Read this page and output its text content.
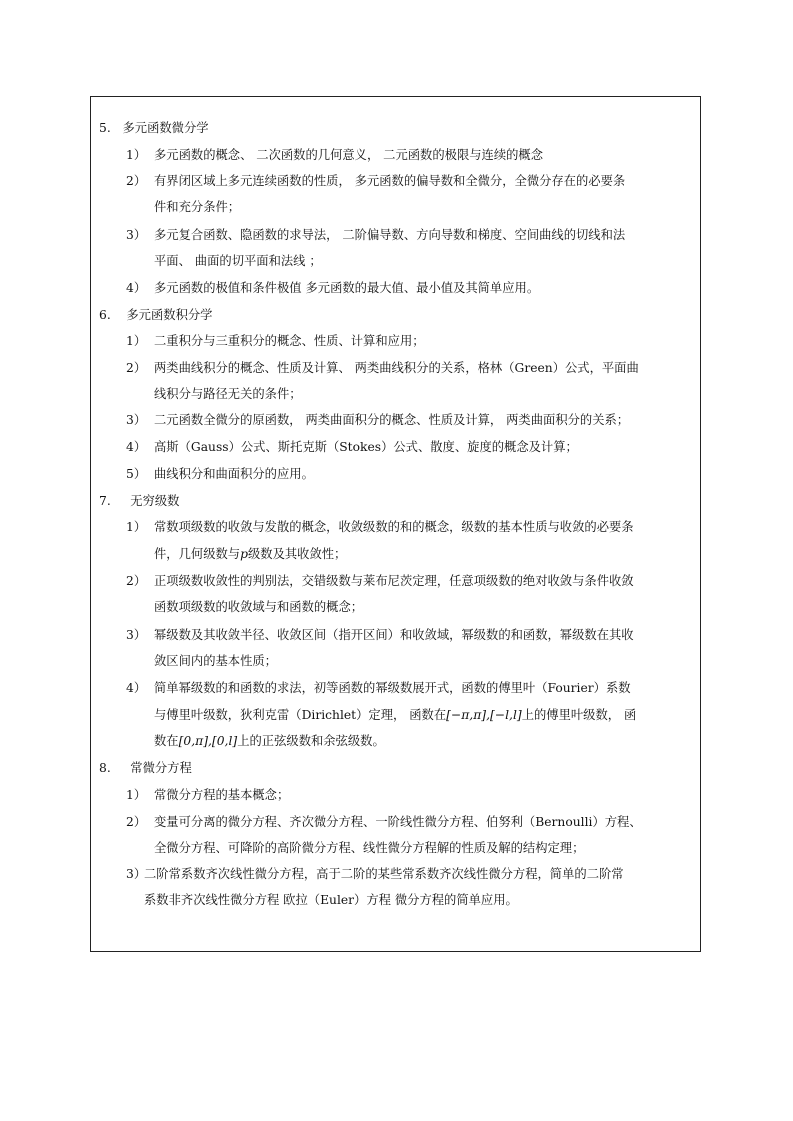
5. 多元函数微分学
1） 多元函数的概念、 二次函数的几何意义， 二元函数的极限与连续的概念
2） 有界闭区域上多元连续函数的性质， 多元函数的偏导数和全微分，全微分存在的必要条
件和充分条件；
3） 多元复合函数、隐函数的求导法， 二阶偏导数、方向导数和梯度、空间曲线的切线和法
平面、 曲面的切平面和法线 ；
4） 多元函数的极值和条件极值 多元函数的最大值、最小值及其简单应用。
6. 多元函数积分学
1） 二重积分与三重积分的概念、性质、计算和应用；
2） 两类曲线积分的概念、性质及计算、 两类曲线积分的关系，格林（Green）公式，平面曲
线积分与路径无关的条件；
3） 二元函数全微分的原函数， 两类曲面积分的概念、性质及计算， 两类曲面积分的关系；
4） 高斯（Gauss）公式、斯托克斯（Stokes）公式、散度、旋度的概念及计算；
5） 曲线积分和曲面积分的应用。
7. 无穷级数
1） 常数项级数的收敛与发散的概念，收敛级数的和的概念，级数的基本性质与收敛的必要条
件，几何级数与p级数及其收敛性；
2） 正项级数收敛性的判别法，交错级数与莱布尼茨定理，任意项级数的绝对收敛与条件收敛
函数项级数的收敛域与和函数的概念；
3） 幂级数及其收敛半径、收敛区间（指开区间）和收敛域，幂级数的和函数，幂级数在其收
敛区间内的基本性质；
4） 简单幂级数的和函数的求法，初等函数的幂级数展开式，函数的傅里叶（Fourier）系数
与傅里叶级数，狄利克雷（Dirichlet）定理， 函数在[−π,π],[−l,l]上的傅里叶级数， 函
数在[0,π],[0,l]上的正弦级数和余弦级数。
8. 常微分方程
1） 常微分方程的基本概念；
2） 变量可分离的微分方程、齐次微分方程、一阶线性微分方程、伯努利（Bernoulli）方程、
全微分方程、可降阶的高阶微分方程、线性微分方程解的性质及解的结构定理；
3）
二阶常系数齐次线性微分方程，高于二阶的某些常系数齐次线性微分方程，简单的二阶常
系数非齐次线性微分方程 欧拉（Euler）方程 微分方程的简单应用。
